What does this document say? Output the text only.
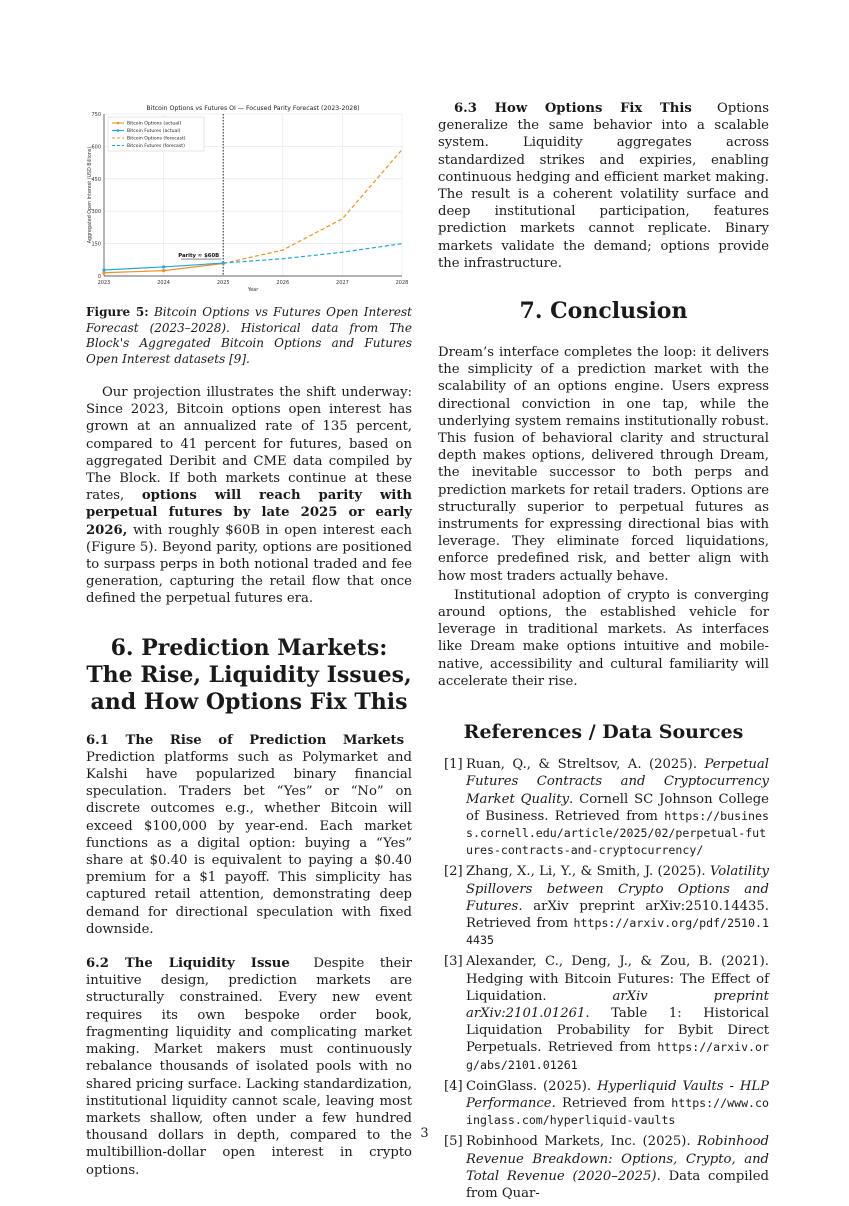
2023	2024	2025	2026	2027	2028
0
150
300
450
600
750
Bitcoin Options vs Futures OI — Focused Parity Forecast (2023-2028)
Year
Aggregated Open Interest (USD Billions)
Parity ≈ $60B
Bitcoin Options (actual)
Bitcoin Futures (actual)
Bitcoin Options (forecast)
Bitcoin Futures (forecast)

Figure 5: Bitcoin Options vs Futures Open Interest Forecast (2023–2028). Historical data from The Block's Aggregated Bitcoin Options and Futures Open Interest datasets [9].

Our projection illustrates the shift underway: Since 2023, Bitcoin options open interest has grown at an annualized rate of 135 percent, compared to 41 percent for futures, based on aggregated Deribit and CME data compiled by The Block. If both markets continue at these rates, options will reach parity with perpetual futures by late 2025 or early 2026, with roughly $60B in open interest each (Figure 5). Beyond parity, options are positioned to surpass perps in both notional traded and fee generation, capturing the retail flow that once defined the perpetual futures era.

6. Prediction Markets: The Rise, Liquidity Issues, and How Options Fix This

6.1 The Rise of Prediction Markets Prediction platforms such as Polymarket and Kalshi have popularized binary financial speculation. Traders bet “Yes” or “No” on discrete outcomes e.g., whether Bitcoin will exceed $100,000 by year-end. Each market functions as a digital option: buying a “Yes” share at $0.40 is equivalent to paying a $0.40 premium for a $1 payoff. This simplicity has captured retail attention, demonstrating deep demand for directional speculation with fixed downside.

6.2 The Liquidity Issue Despite their intuitive design, prediction markets are structurally constrained. Every new event requires its own bespoke order book, fragmenting liquidity and complicating market making. Market makers must continuously rebalance thousands of isolated pools with no shared pricing surface. Lacking standardization, institutional liquidity cannot scale, leaving most markets shallow, often under a few hundred thousand dollars in depth, compared to the multibillion-dollar open interest in crypto options.

6.3 How Options Fix This Options generalize the same behavior into a scalable system. Liquidity aggregates across standardized strikes and expiries, enabling continuous hedging and efficient market making. The result is a coherent volatility surface and deep institutional participation, features prediction markets cannot replicate. Binary markets validate the demand; options provide the infrastructure.

7. Conclusion

Dream’s interface completes the loop: it delivers the simplicity of a prediction market with the scalability of an options engine. Users express directional conviction in one tap, while the underlying system remains institutionally robust. This fusion of behavioral clarity and structural depth makes options, delivered through Dream, the inevitable successor to both perps and prediction markets for retail traders. Options are structurally superior to perpetual futures as instruments for expressing directional bias with leverage. They eliminate forced liquidations, enforce predefined risk, and better align with how most traders actually behave.

Institutional adoption of crypto is converging around options, the established vehicle for leverage in traditional markets. As interfaces like Dream make options intuitive and mobile-native, accessibility and cultural familiarity will accelerate their rise.

References / Data Sources
[1] Ruan, Q., & Streltsov, A. (2025). Perpetual Futures Contracts and Cryptocurrency Market Quality. Cornell SC Johnson College of Business. Retrieved from https://business.cornell.edu/article/2025/02/perpetual-futures-contracts-and-cryptocurrency/
[2] Zhang, X., Li, Y., & Smith, J. (2025). Volatility Spillovers between Crypto Options and Futures. arXiv preprint arXiv:2510.14435. Retrieved from https://arxiv.org/pdf/2510.14435
[3] Alexander, C., Deng, J., & Zou, B. (2021). Hedging with Bitcoin Futures: The Effect of Liquidation.	arXiv preprint arXiv:2101.01261. Table 1: Historical Liquidation Probability for Bybit Direct Perpetuals. Retrieved from https://arxiv.org/abs/2101.01261
[4] CoinGlass. (2025). Hyperliquid Vaults - HLP Performance. Retrieved from https://www.coinglass.com/hyperliquid-vaults
[5] Robinhood Markets, Inc. (2025). Robinhood Revenue Breakdown: Options, Crypto, and Total Revenue (2020–2025). Data compiled from Quar-
3
